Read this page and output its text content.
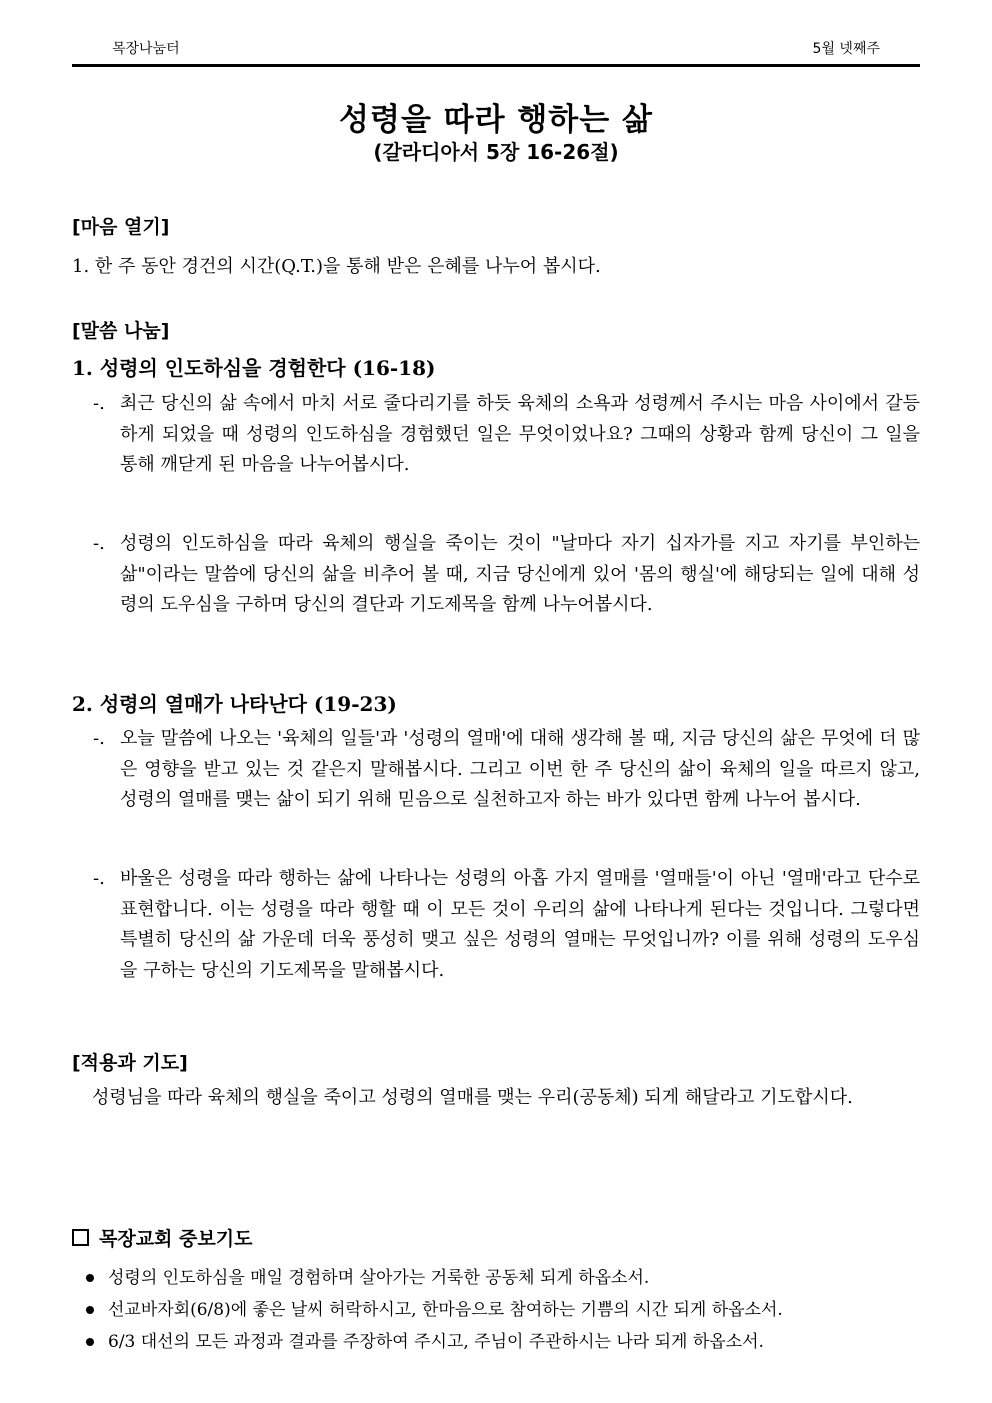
목장나눔터	5월 넷째주
성령을 따라 행하는 삶
(갈라디아서 5장 16-26절)
[마음 열기]
1. 한 주 동안 경건의 시간(Q.T.)을 통해 받은 은혜를 나누어 봅시다.
[말씀 나눔]
1. 성령의 인도하심을 경험한다 (16-18)
-. 최근 당신의 삶 속에서 마치 서로 줄다리기를 하듯 육체의 소욕과 성령께서 주시는 마음 사이에서 갈등하게 되었을 때 성령의 인도하심을 경험했던 일은 무엇이었나요? 그때의 상황과 함께 당신이 그 일을 통해 깨닫게 된 마음을 나누어봅시다.
-. 성령의 인도하심을 따라 육체의 행실을 죽이는 것이 "날마다 자기 십자가를 지고 자기를 부인하는 삶"이라는 말씀에 당신의 삶을 비추어 볼 때, 지금 당신에게 있어 '몸의 행실'에 해당되는 일에 대해 성령의 도우심을 구하며 당신의 결단과 기도제목을 함께 나누어봅시다.
2. 성령의 열매가 나타난다 (19-23)
-. 오늘 말씀에 나오는 '육체의 일들'과 '성령의 열매'에 대해 생각해 볼 때, 지금 당신의 삶은 무엇에 더 많은 영향을 받고 있는 것 같은지 말해봅시다. 그리고 이번 한 주 당신의 삶이 육체의 일을 따르지 않고, 성령의 열매를 맺는 삶이 되기 위해 믿음으로 실천하고자 하는 바가 있다면 함께 나누어 봅시다.
-. 바울은 성령을 따라 행하는 삶에 나타나는 성령의 아홉 가지 열매를 '열매들'이 아닌 '열매'라고 단수로 표현합니다. 이는 성령을 따라 행할 때 이 모든 것이 우리의 삶에 나타나게 된다는 것입니다. 그렇다면 특별히 당신의 삶 가운데 더욱 풍성히 맺고 싶은 성령의 열매는 무엇입니까? 이를 위해 성령의 도우심을 구하는 당신의 기도제목을 말해봅시다.
[적용과 기도]
성령님을 따라 육체의 행실을 죽이고 성령의 열매를 맺는 우리(공동체) 되게 해달라고 기도합시다.
목장교회 중보기도
성령의 인도하심을 매일 경험하며 살아가는 거룩한 공동체 되게 하옵소서.
선교바자회(6/8)에 좋은 날씨 허락하시고, 한마음으로 참여하는 기쁨의 시간 되게 하옵소서.
6/3 대선의 모든 과정과 결과를 주장하여 주시고, 주님이 주관하시는 나라 되게 하옵소서.
